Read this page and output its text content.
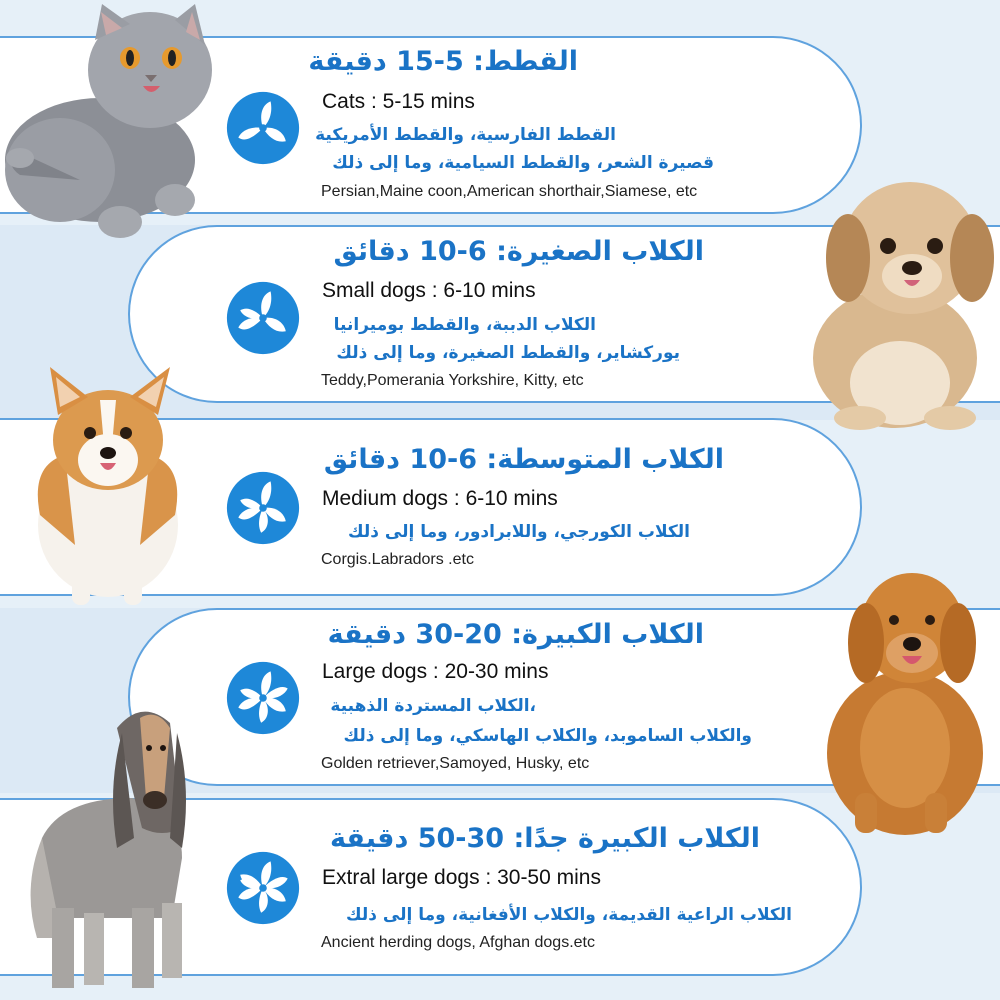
القطط: 5-15 دقيقة
Cats : 5-15 mins
القطط الفارسية، والقطط الأمريكية
قصيرة الشعر، والقطط السيامية، وما إلى ذلك
Persian,Maine coon,American shorthair,Siamese, etc
الكلاب الصغيرة: 6-10 دقائق
Small dogs : 6-10 mins
الكلاب الدببة، والقطط بوميرانيا
يوركشاير، والقطط الصغيرة، وما إلى ذلك
Teddy,Pomerania Yorkshire, Kitty, etc
الكلاب المتوسطة: 6-10 دقائق
Medium dogs : 6-10 mins
الكلاب الكورجي، واللابرادور، وما إلى ذلك
Corgis.Labradors .etc
الكلاب الكبيرة: 20-30 دقيقة
Large dogs : 20-30 mins
،الكلاب المستردة الذهبية
والكلاب الساموبد، والكلاب الهاسكي، وما إلى ذلك
Golden retriever,Samoyed, Husky, etc
الكلاب الكبيرة جدًا: 30-50 دقيقة
Extral large dogs : 30-50 mins
الكلاب الراعية القديمة، والكلاب الأفغانية، وما إلى ذلك
Ancient herding dogs, Afghan dogs.etc
